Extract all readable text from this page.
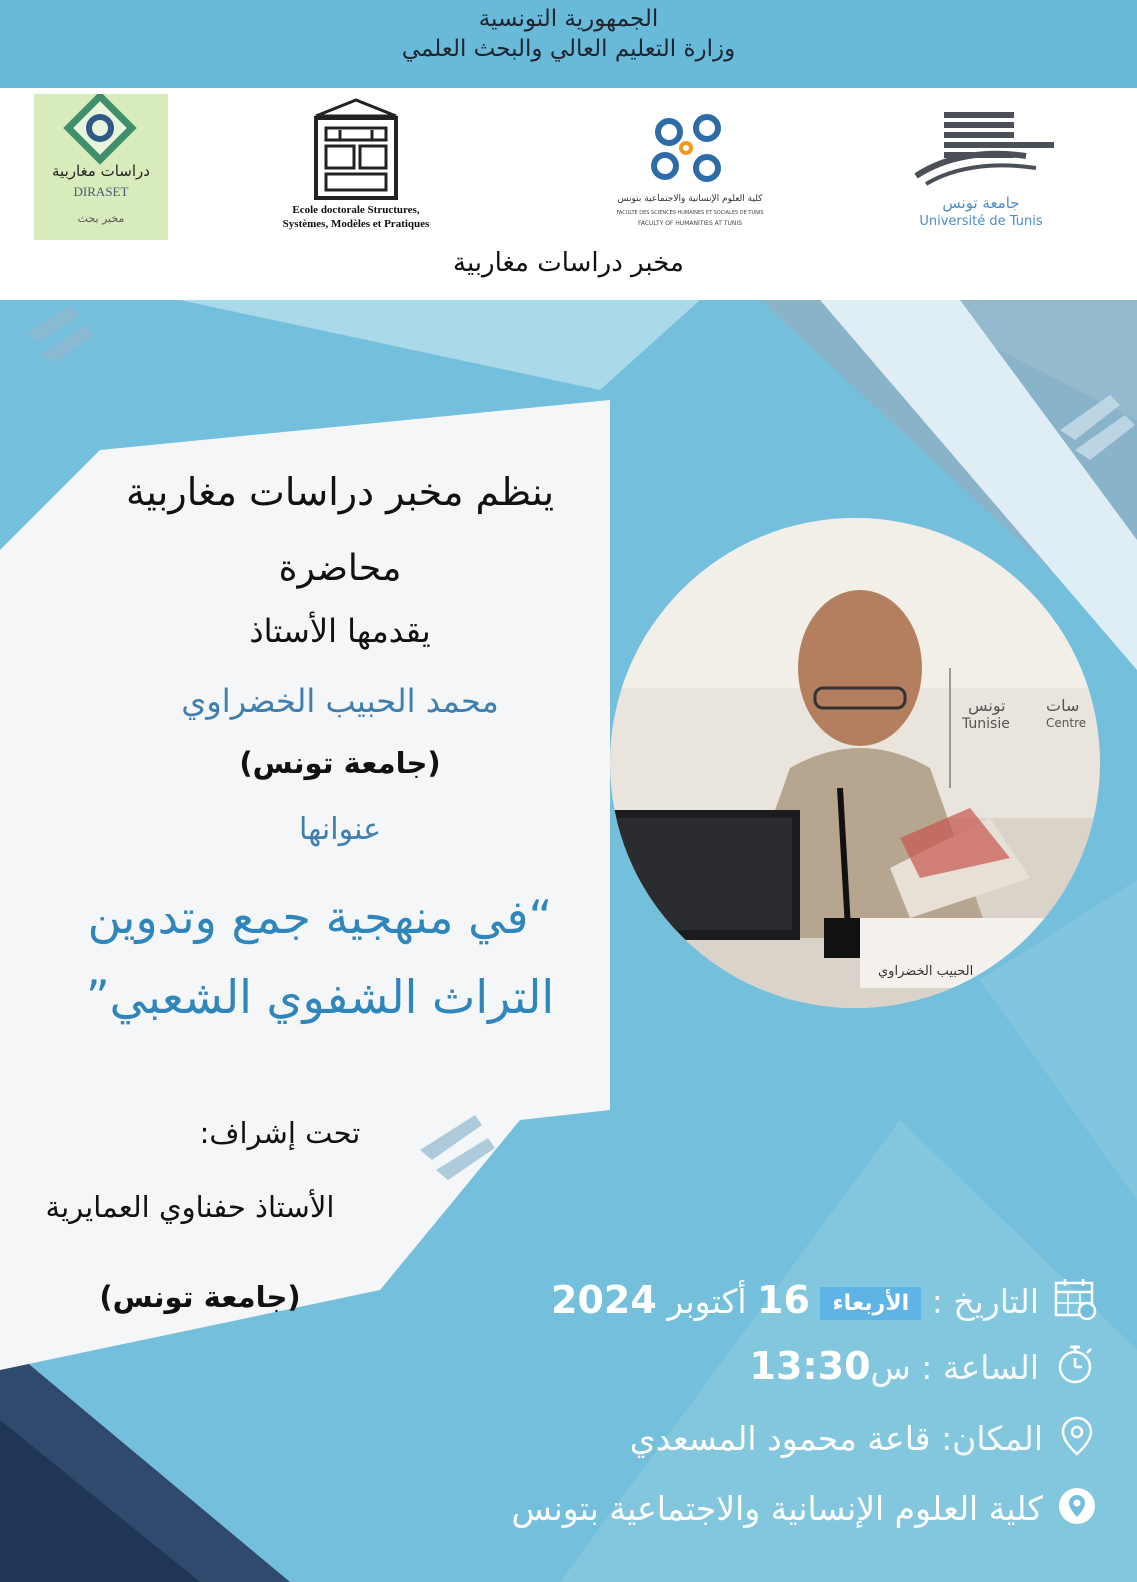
الجمهورية التونسية
وزارة التعليم العالي والبحث العلمي
دراسات مغاربية
DIRASET
مخبر بحث
Ecole doctorale Structures,
Systèmes, Modèles et Pratiques
كلية العلوم الإنسانية والاجتماعية بتونس
FACULTE DES SCIENCES HUMAINES ET SOCIALES DE TUNIS
FACULTY OF HUMANITIES AT TUNIS
جامعة تونس
Université de Tunis
مخبر دراسات مغاربية
ينظم مخبر دراسات مغاربية
محاضرة
يقدمها الأستاذ
محمد الحبيب الخضراوي
(جامعة تونس)
عنوانها
“في منهجية جمع وتدوين
التراث الشفوي الشعبي”
تحت إشراف:
الأستاذ حفناوي العمايرية
(جامعة تونس)
تونس
Tunisie
سات
Centre
الحبيب الخضراوي
التاريخ : الأربعاء 16 أكتوبر 2024
الساعة : س13:30
المكان: قاعة محمود المسعدي
كلية العلوم الإنسانية والاجتماعية بتونس
